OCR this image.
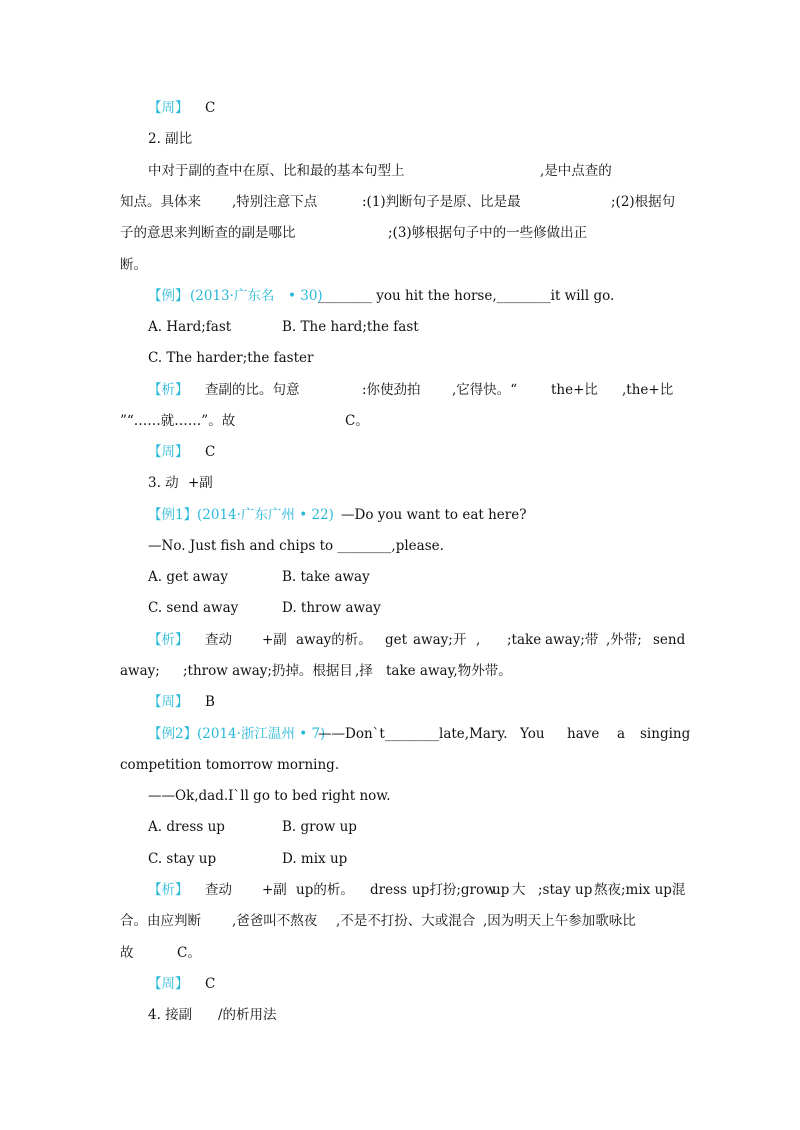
【周】 C
2. 副比
中对于副的查中在原、比和最的基本句型上	,是中点查的
知点。具体来 ,特别注意下点	:(1)判断句子是原、比是最	;(2)根据句
子的意思来判断查的副是哪比	;(3)够根据句子中的一些修做出正
断。
【例】 (2013·广东名 • 30)
________ you hit the horse,________it will go.
A. Hard;fast	B. The hard;the fast
C. The harder;the faster
【析】 查副的比。句意	:你使劲拍 ,它得快。“	the+比 ,the+比
”“……就……”。故	C。
【周】 C
3. 动 +副
【例1】 (2014·广东广州 • 22) —Do you want to eat here?
—No. Just fish and chips to ________,please.
A. get away	B. take away
C. send away	D. throw away
【析】 查动 +副 away的析。 get away;开 , ;take away;带 ,外带; send
away; ;throw away;扔掉。根据目 ,择 take away,物外带。
【周】 B
【例2】 (2014·浙江温州 • 7)
——Don`t ________late,Mary. You have a singing
competition tomorrow morning.
——Ok,dad.I`ll go to bed right now.
A. dress up	B. grow up
C. stay up	D. mix up
【析】 查动 +副 up的析。 dress up打扮;grow
up 大 ;stay up 熬夜;mix up混
合。由应判断 ,爸爸叫不熬夜 ,不是不打扮、大或混合 ,因为明天上午参加歌咏比
故	C。
【周】 C
4. 接副 /的析用法
